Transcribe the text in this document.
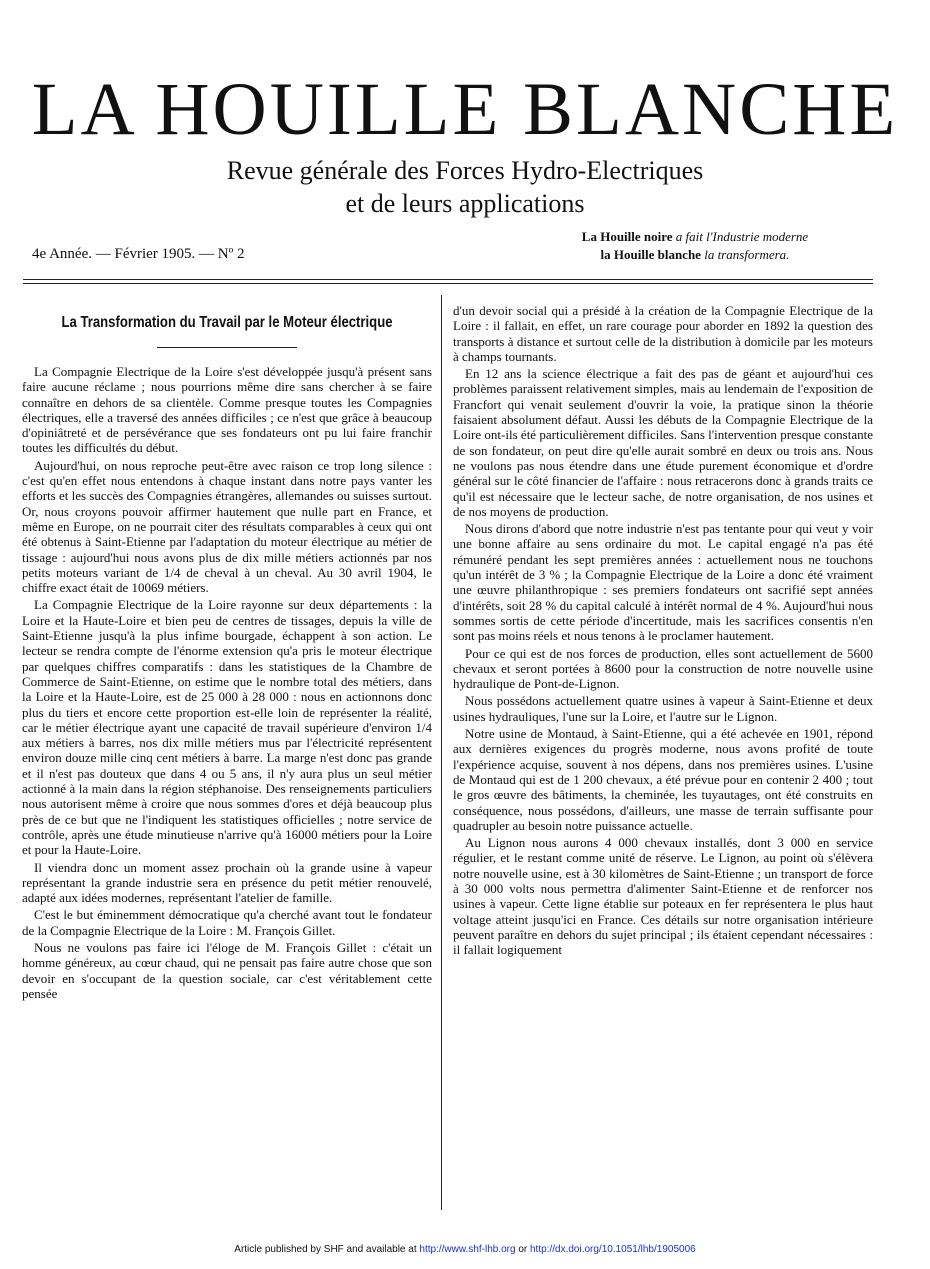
LA HOUILLE BLANCHE
Revue générale des Forces Hydro-Electriques
et de leurs applications
4e Année. — Février 1905. — Nº 2
La Houille noire a fait l'Industrie moderne
la Houille blanche la transformera.
La Transformation du Travail par le Moteur électrique

La Compagnie Electrique de la Loire s'est développée jusqu'à présent sans faire aucune réclame ; nous pourrions même dire sans chercher à se faire connaître en dehors de sa clientèle. Comme presque toutes les Compagnies électriques, elle a traversé des années difficiles ; ce n'est que grâce à beaucoup d'opiniâtreté et de persévérance que ses fondateurs ont pu lui faire franchir toutes les difficultés du début.

Aujourd'hui, on nous reproche peut-être avec raison ce trop long silence : c'est qu'en effet nous entendons à chaque instant dans notre pays vanter les efforts et les succès des Compagnies étrangères, allemandes ou suisses surtout. Or, nous croyons pouvoir affirmer hautement que nulle part en France, et même en Europe, on ne pourrait citer des résultats comparables à ceux qui ont été obtenus à Saint-Etienne par l'adaptation du moteur électrique au métier de tissage : aujourd'hui nous avons plus de dix mille métiers actionnés par nos petits moteurs variant de 1/4 de cheval à un cheval. Au 30 avril 1904, le chiffre exact était de 10069 métiers.

La Compagnie Electrique de la Loire rayonne sur deux départements : la Loire et la Haute-Loire et bien peu de centres de tissages, depuis la ville de Saint-Etienne jusqu'à la plus infime bourgade, échappent à son action. Le lecteur se rendra compte de l'énorme extension qu'a pris le moteur électrique par quelques chiffres comparatifs : dans les statistiques de la Chambre de Commerce de Saint-Etienne, on estime que le nombre total des métiers, dans la Loire et la Haute-Loire, est de 25 000 à 28 000 : nous en actionnons donc plus du tiers et encore cette proportion est-elle loin de représenter la réalité, car le métier électrique ayant une capacité de travail supérieure d'environ 1/4 aux métiers à barres, nos dix mille métiers mus par l'électricité représentent environ douze mille cinq cent métiers à barre. La marge n'est donc pas grande et il n'est pas douteux que dans 4 ou 5 ans, il n'y aura plus un seul métier actionné à la main dans la région stéphanoise. Des renseignements particuliers nous autorisent même à croire que nous sommes d'ores et déjà beaucoup plus près de ce but que ne l'indiquent les statistiques officielles ; notre service de contrôle, après une étude minutieuse n'arrive qu'à 16000 métiers pour la Loire et pour la Haute-Loire.

Il viendra donc un moment assez prochain où la grande usine à vapeur représentant la grande industrie sera en présence du petit métier renouvelé, adapté aux idées modernes, représentant l'atelier de famille.

C'est le but éminemment démocratique qu'a cherché avant tout le fondateur de la Compagnie Electrique de la Loire : M. François Gillet.

Nous ne voulons pas faire ici l'éloge de M. François Gillet : c'était un homme généreux, au cœur chaud, qui ne pensait pas faire autre chose que son devoir en s'occupant de la question sociale, car c'est véritablement cette pensée

d'un devoir social qui a présidé à la création de la Compagnie Electrique de la Loire : il fallait, en effet, un rare courage pour aborder en 1892 la question des transports à distance et surtout celle de la distribution à domicile par les moteurs à champs tournants.

En 12 ans la science électrique a fait des pas de géant et aujourd'hui ces problèmes paraissent relativement simples, mais au lendemain de l'exposition de Francfort qui venait seulement d'ouvrir la voie, la pratique sinon la théorie faisaient absolument défaut. Aussi les débuts de la Compagnie Electrique de la Loire ont-ils été particulièrement difficiles. Sans l'intervention presque constante de son fondateur, on peut dire qu'elle aurait sombré en deux ou trois ans. Nous ne voulons pas nous étendre dans une étude purement économique et d'ordre général sur le côté financier de l'affaire : nous retracerons donc à grands traits ce qu'il est nécessaire que le lecteur sache, de notre organisation, de nos usines et de nos moyens de production.

Nous dirons d'abord que notre industrie n'est pas tentante pour qui veut y voir une bonne affaire au sens ordinaire du mot. Le capital engagé n'a pas été rémunéré pendant les sept premières années : actuellement nous ne touchons qu'un intérêt de 3 % ; la Compagnie Electrique de la Loire a donc été vraiment une œuvre philanthropique : ses premiers fondateurs ont sacrifié sept années d'intérêts, soit 28 % du capital calculé à intérêt normal de 4 %. Aujourd'hui nous sommes sortis de cette période d'incertitude, mais les sacrifices consentis n'en sont pas moins réels et nous tenons à le proclamer hautement.

Pour ce qui est de nos forces de production, elles sont actuellement de 5600 chevaux et seront portées à 8600 pour la construction de notre nouvelle usine hydraulique de Pont-de-Lignon.

Nous possédons actuellement quatre usines à vapeur à Saint-Etienne et deux usines hydrauliques, l'une sur la Loire, et l'autre sur le Lignon.

Notre usine de Montaud, à Saint-Etienne, qui a été achevée en 1901, répond aux dernières exigences du progrès moderne, nous avons profité de toute l'expérience acquise, souvent à nos dépens, dans nos premières usines. L'usine de Montaud qui est de 1 200 chevaux, a été prévue pour en contenir 2 400 ; tout le gros œuvre des bâtiments, la cheminée, les tuyautages, ont été construits en conséquence, nous possédons, d'ailleurs, une masse de terrain suffisante pour quadrupler au besoin notre puissance actuelle.

Au Lignon nous aurons 4 000 chevaux installés, dont 3 000 en service régulier, et le restant comme unité de réserve. Le Lignon, au point où s'élèvera notre nouvelle usine, est à 30 kilomètres de Saint-Etienne ; un transport de force à 30 000 volts nous permettra d'alimenter Saint-Etienne et de renforcer nos usines à vapeur. Cette ligne établie sur poteaux en fer représentera le plus haut voltage atteint jusqu'ici en France. Ces détails sur notre organisation intérieure peuvent paraître en dehors du sujet principal ; ils étaient cependant nécessaires : il fallait logiquement

Article published by SHF and available at http://www.shf-lhb.org or http://dx.doi.org/10.1051/lhb/1905006
